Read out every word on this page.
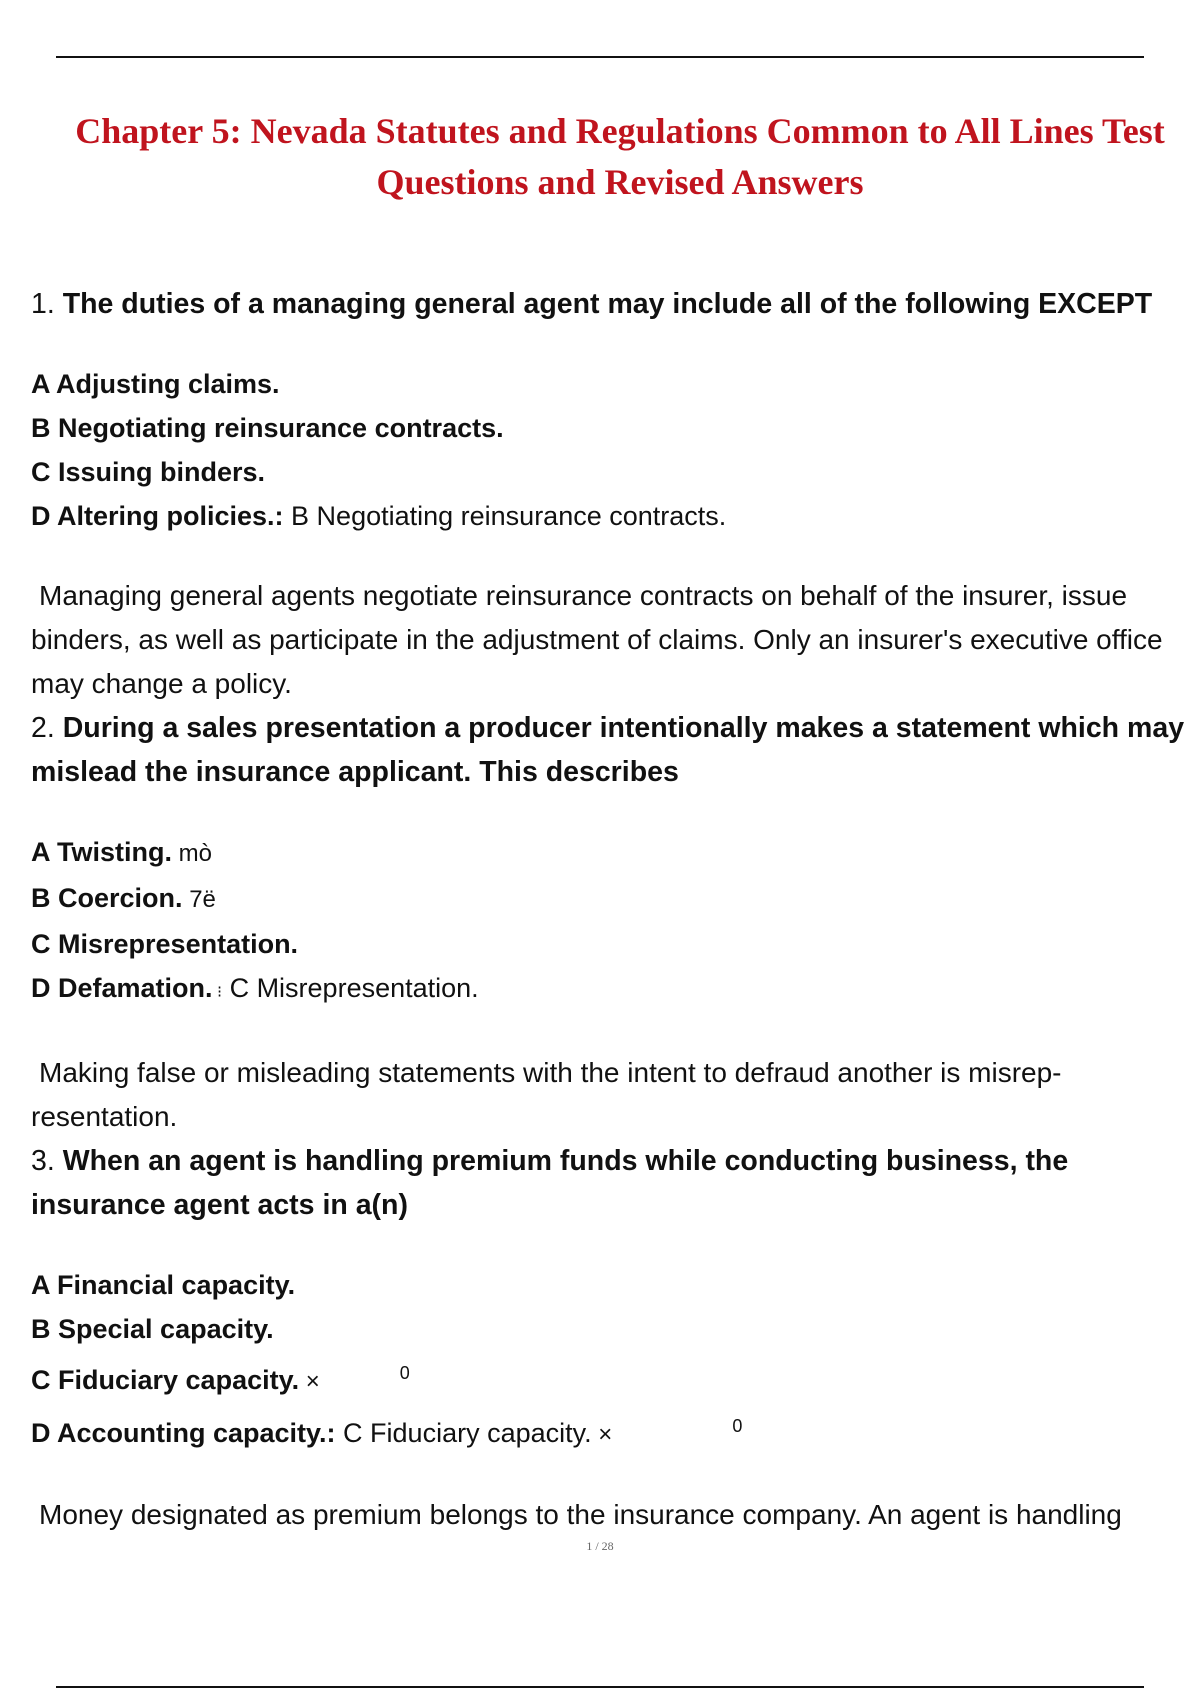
Chapter 5: Nevada Statutes and Regulations Common to All Lines Test
Questions and Revised Answers

1. The duties of a managing general agent may include all of the following EXCEPT

A Adjusting claims.

B Negotiating reinsurance contracts.

C Issuing binders.

D Altering policies.: B Negotiating reinsurance contracts.

Managing general agents negotiate reinsurance contracts on behalf of the insurer, issue binders, as well as participate in the adjustment of claims. Only an insurer's executive office may change a policy.

2. During a sales presentation a producer intentionally makes a statement which may mislead the insurance applicant. This describes

A Twisting. mò

B Coercion. 7ë

C Misrepresentation.

D Defamation. ⁝ C Misrepresentation.

Making false or misleading statements with the intent to defraud another is misrep-resentation.

3. When an agent is handling premium funds while conducting business, the insurance agent acts in a(n)

A Financial capacity.

B Special capacity.

C Fiduciary capacity. ×	0

D Accounting capacity.: C Fiduciary capacity. ×	0

Money designated as premium belongs to the insurance company. An agent is handling

1 / 28
